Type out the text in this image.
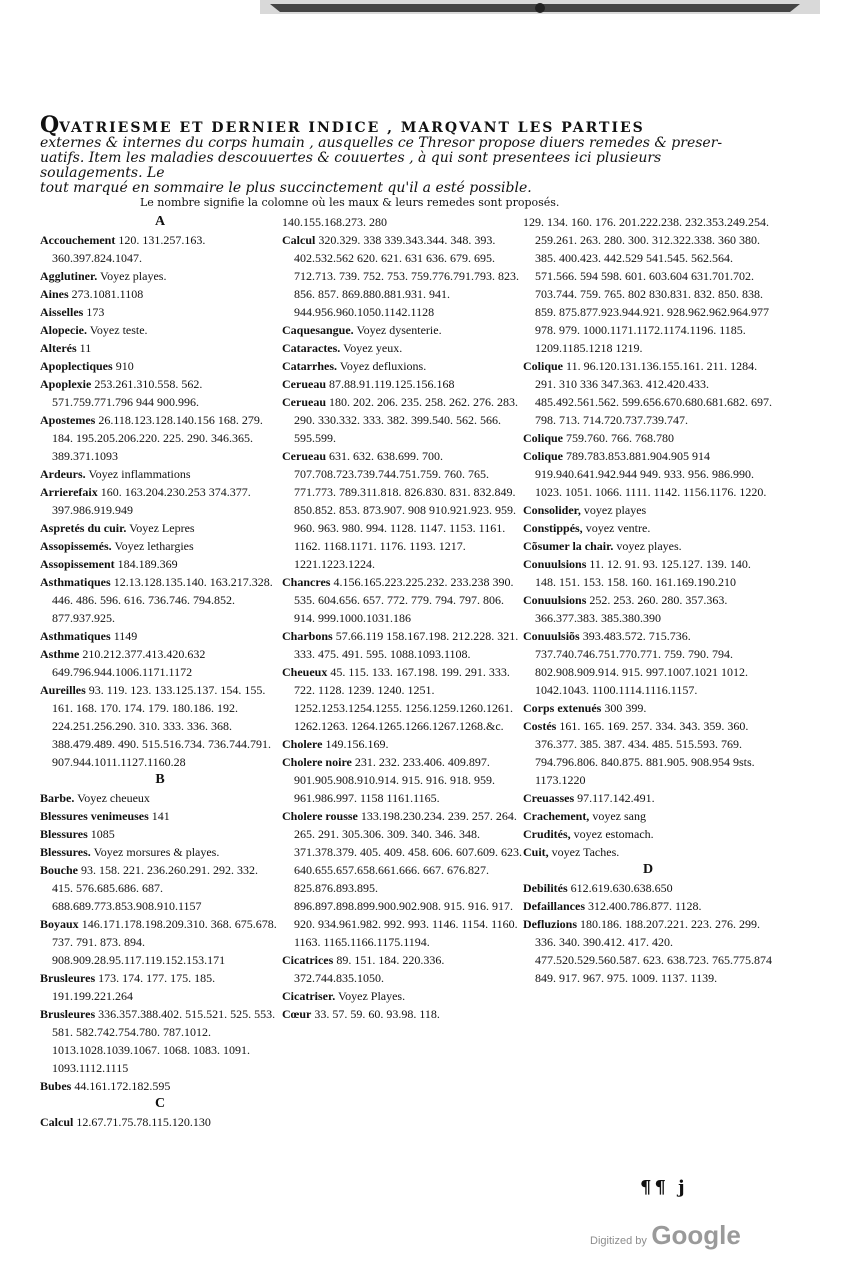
QVATRIESME ET DERNIER INDICE , MARQVANT LES PARTIES
externes & internes du corps humain , ausquelles ce Thresor propose diuers remedes & preser-
uatifs. Item les maladies descouuertes & couuertes , à qui sont presentees ici plusieurs soulagements. Le
tout marqué en sommaire le plus succinctement qu'il a esté possible.
Le nombre signifie la colomne où les maux & leurs remedes sont proposés.
A
Accouchement 120. 131.257.163. 360.397.824.1047.
Agglutiner. Voyez playes.
Aines 273.1081.1108
Aisselles 173
Alopecie. Voyez teste.
Alterés 11
Apoplectiques 910
Apoplexie 253.261.310.558. 562. 571.759.771.796 944 900.996.
Apostemes 26.118.123.128.140.156 168. 279. 184. 195.205.206.220. 225. 290. 346.365. 389.371.1093
Ardeurs. Voyez inflammations
Arrierefaix 160. 163.204.230.253 374.377. 397.986.919.949
Aspretés du cuir. Voyez Lepres
Assopissemés. Voyez lethargies
Assopissement 184.189.369
Asthmatiques 12.13.128.135.140. 163.217.328. 446. 486. 596. 616. 736.746. 794.852. 877.937.925.
Asthmatiques 1149
Asthme 210.212.377.413.420.632 649.796.944.1006.1171.1172
Aureilles 93. 119. 123. 133.125.137. 154. 155. 161. 168. 170. 174. 179. 180.186. 192. 224.251.256.290. 310. 333. 336. 368. 388.479.489. 490. 515.516.734. 736.744.791. 907.944.1011.1127.1160.28
B
Barbe. Voyez cheueux
Blessures venimeuses 141
Blessures 1085
Blessures. Voyez morsures & playes.
Bouche 93. 158. 221. 236.260.291. 292. 332. 415. 576.685.686. 687. 688.689.773.853.908.910.1157
Boyaux 146.171.178.198.209.310. 368. 675.678. 737. 791. 873. 894. 908.909.28.95.117.119.152.153.171
Brusleures 173. 174. 177. 175. 185. 191.199.221.264
Brusleures 336.357.388.402. 515.521. 525. 553. 581. 582.742.754.780. 787.1012. 1013.1028.1039.1067. 1068. 1083. 1091. 1093.1112.1115
Bubes 44.161.172.182.595
C
Calcul 12.67.71.75.78.115.120.130
140.155.168.273. 280
Calcul 320.329. 338 339.343.344. 348. 393. 402.532.562 620. 621. 631 636. 679. 695. 712.713. 739. 752. 753. 759.776.791.793. 823. 856. 857. 869.880.881.931. 941. 944.956.960.1050.1142.1128
Caquesangue. Voyez dysenterie.
Cataractes. Voyez yeux.
Catarrhes. Voyez defluxions.
Cerueau 87.88.91.119.125.156.168
Cerueau 180. 202. 206. 235. 258. 262. 276. 283. 290. 330.332. 333. 382. 399.540. 562. 566. 595.599.
Cerueau 631. 632. 638.699. 700. 707.708.723.739.744.751.759. 760. 765. 771.773. 789.311.818. 826.830. 831. 832.849. 850.852. 853. 873.907. 908 910.921.923. 959. 960. 963. 980. 994. 1128. 1147. 1153. 1161. 1162. 1168.1171. 1176. 1193. 1217. 1221.1223.1224.
Chancres 4.156.165.223.225.232. 233.238 390. 535. 604.656. 657. 772. 779. 794. 797. 806. 914. 999.1000.1031.186
Charbons 57.66.119 158.167.198. 212.228. 321. 333. 475. 491. 595. 1088.1093.1108.
Cheueux 45. 115. 133. 167.198. 199. 291. 333. 722. 1128. 1239. 1240. 1251. 1252.1253.1254.1255. 1256.1259.1260.1261. 1262.1263. 1264.1265.1266.1267.1268.&c.
Cholere 149.156.169.
Cholere noire 231. 232. 233.406. 409.897. 901.905.908.910.914. 915. 916. 918. 959. 961.986.997. 1158 1161.1165.
Cholere rousse 133.198.230.234. 239. 257. 264. 265. 291. 305.306. 309. 340. 346. 348. 371.378.379. 405. 409. 458. 606. 607.609. 623. 640.655.657.658.661.666. 667. 676.827. 825.876.893.895. 896.897.898.899.900.902.908. 915. 916. 917. 920. 934.961.982. 992. 993. 1146. 1154. 1160. 1163. 1165.1166.1175.1194.
Cicatrices 89. 151. 184. 220.336. 372.744.835.1050.
Cicatriser. Voyez Playes.
Cœur 33. 57. 59. 60. 93.98. 118.
129. 134. 160. 176. 201.222.238. 232.353.249.254. 259.261. 263. 280. 300. 312.322.338. 360 380. 385. 400.423. 442.529 541.545. 562.564. 571.566. 594 598. 601. 603.604 631.701.702. 703.744. 759. 765. 802 830.831. 832. 850. 838. 859. 875.877.923.944.921. 928.962.962.964.977 978. 979. 1000.1171.1172.1174.1196. 1185. 1209.1185.1218 1219.
Colique 11. 96.120.131.136.155.161. 211. 1284. 291. 310 336 347.363. 412.420.433. 485.492.561.562. 599.656.670.680.681.682. 697. 798. 713. 714.720.737.739.747.
Colique 759.760. 766. 768.780
Colique 789.783.853.881.904.905 914 919.940.641.942.944 949. 933. 956. 986.990. 1023. 1051. 1066. 1111. 1142. 1156.1176. 1220.
Consolider, voyez playes
Constippés, voyez ventre.
Cõsumer la chair. voyez playes.
Conuulsions 11. 12. 91. 93. 125.127. 139. 140. 148. 151. 153. 158. 160. 161.169.190.210
Conuulsions 252. 253. 260. 280. 357.363. 366.377.383. 385.380.390
Conuulsiõs 393.483.572. 715.736. 737.740.746.751.770.771. 759. 790. 794. 802.908.909.914. 915. 997.1007.1021 1012. 1042.1043. 1100.1114.1116.1157.
Corps extenués 300 399.
Costés 161. 165. 169. 257. 334. 343. 359. 360. 376.377. 385. 387. 434. 485. 515.593. 769. 794.796.806. 840.875. 881.905. 908.954 9sts. 1173.1220
Creuasses 97.117.142.491.
Crachement, voyez sang
Crudités, voyez estomach.
Cuit, voyez Taches.
D
Debilités 612.619.630.638.650
Defaillances 312.400.786.877. 1128.
Defluzions 180.186. 188.207.221. 223. 276. 299. 336. 340. 390.412. 417. 420. 477.520.529.560.587. 623. 638.723. 765.775.874 849. 917. 967. 975. 1009. 1137. 1139.
¶¶ j
Digitized by Google
